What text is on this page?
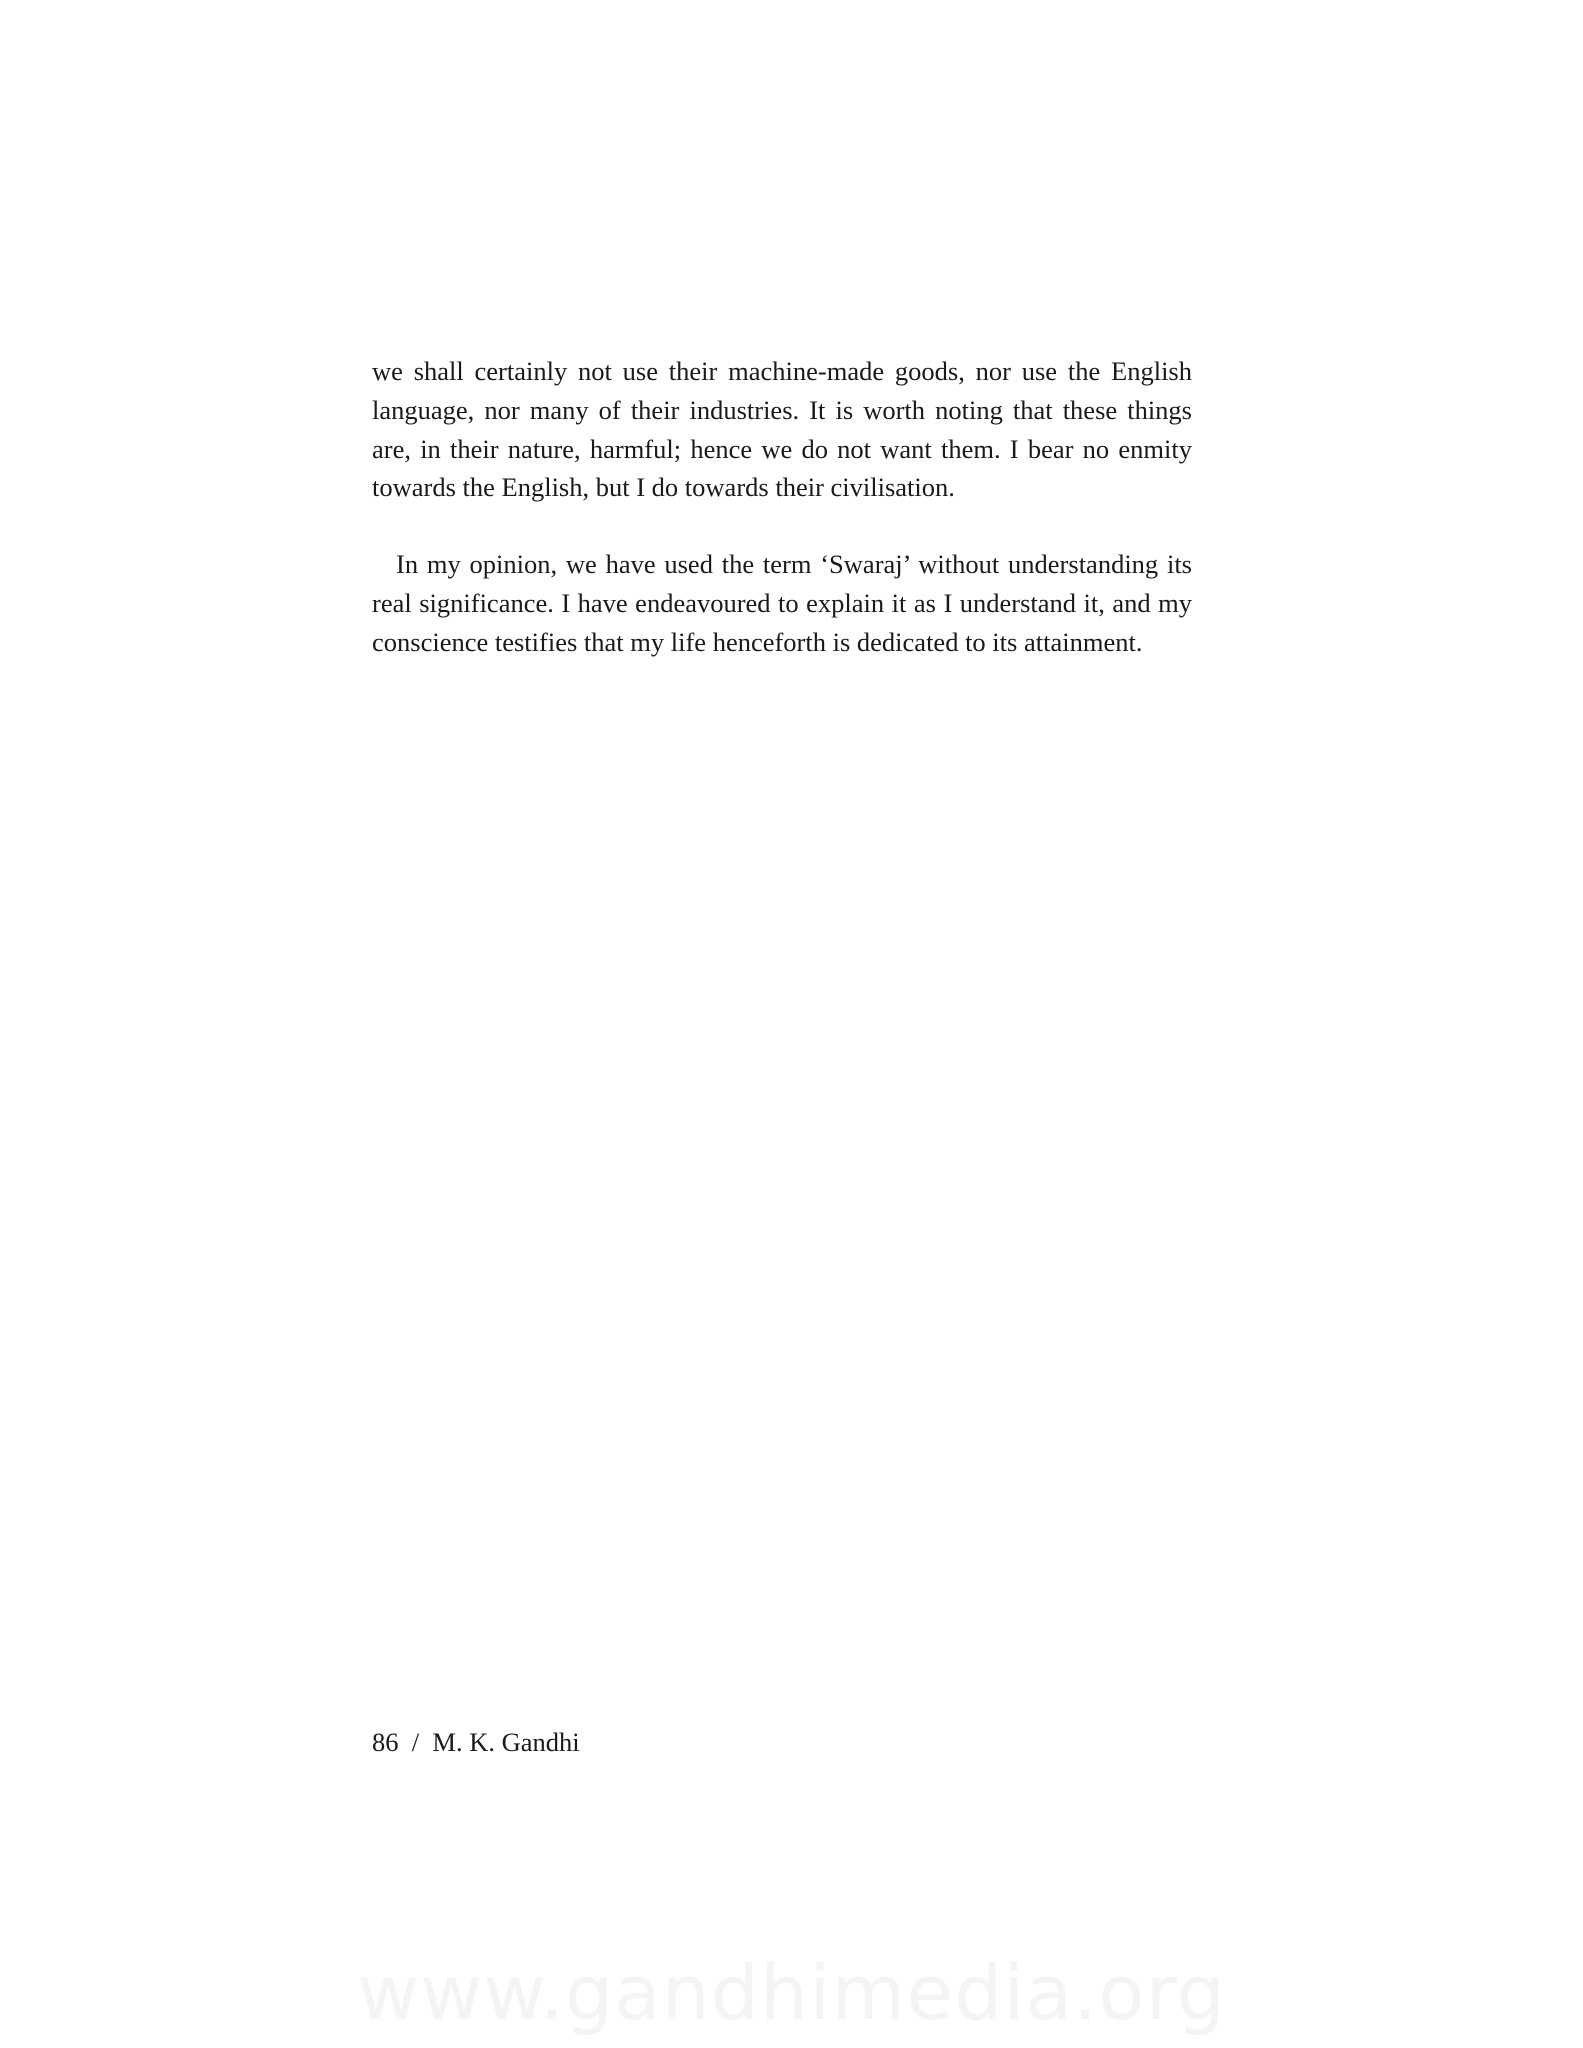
we shall certainly not use their machine-made goods, nor use the English language, nor many of their industries. It is worth noting that these things are, in their nature, harmful; hence we do not want them. I bear no enmity towards the English, but I do towards their civilisation.

In my opinion, we have used the term ‘Swaraj’ without understanding its real significance. I have endeavoured to explain it as I understand it, and my conscience testifies that my life henceforth is dedicated to its attainment.

86 / M. K. Gandhi
www.gandhimedia.org
